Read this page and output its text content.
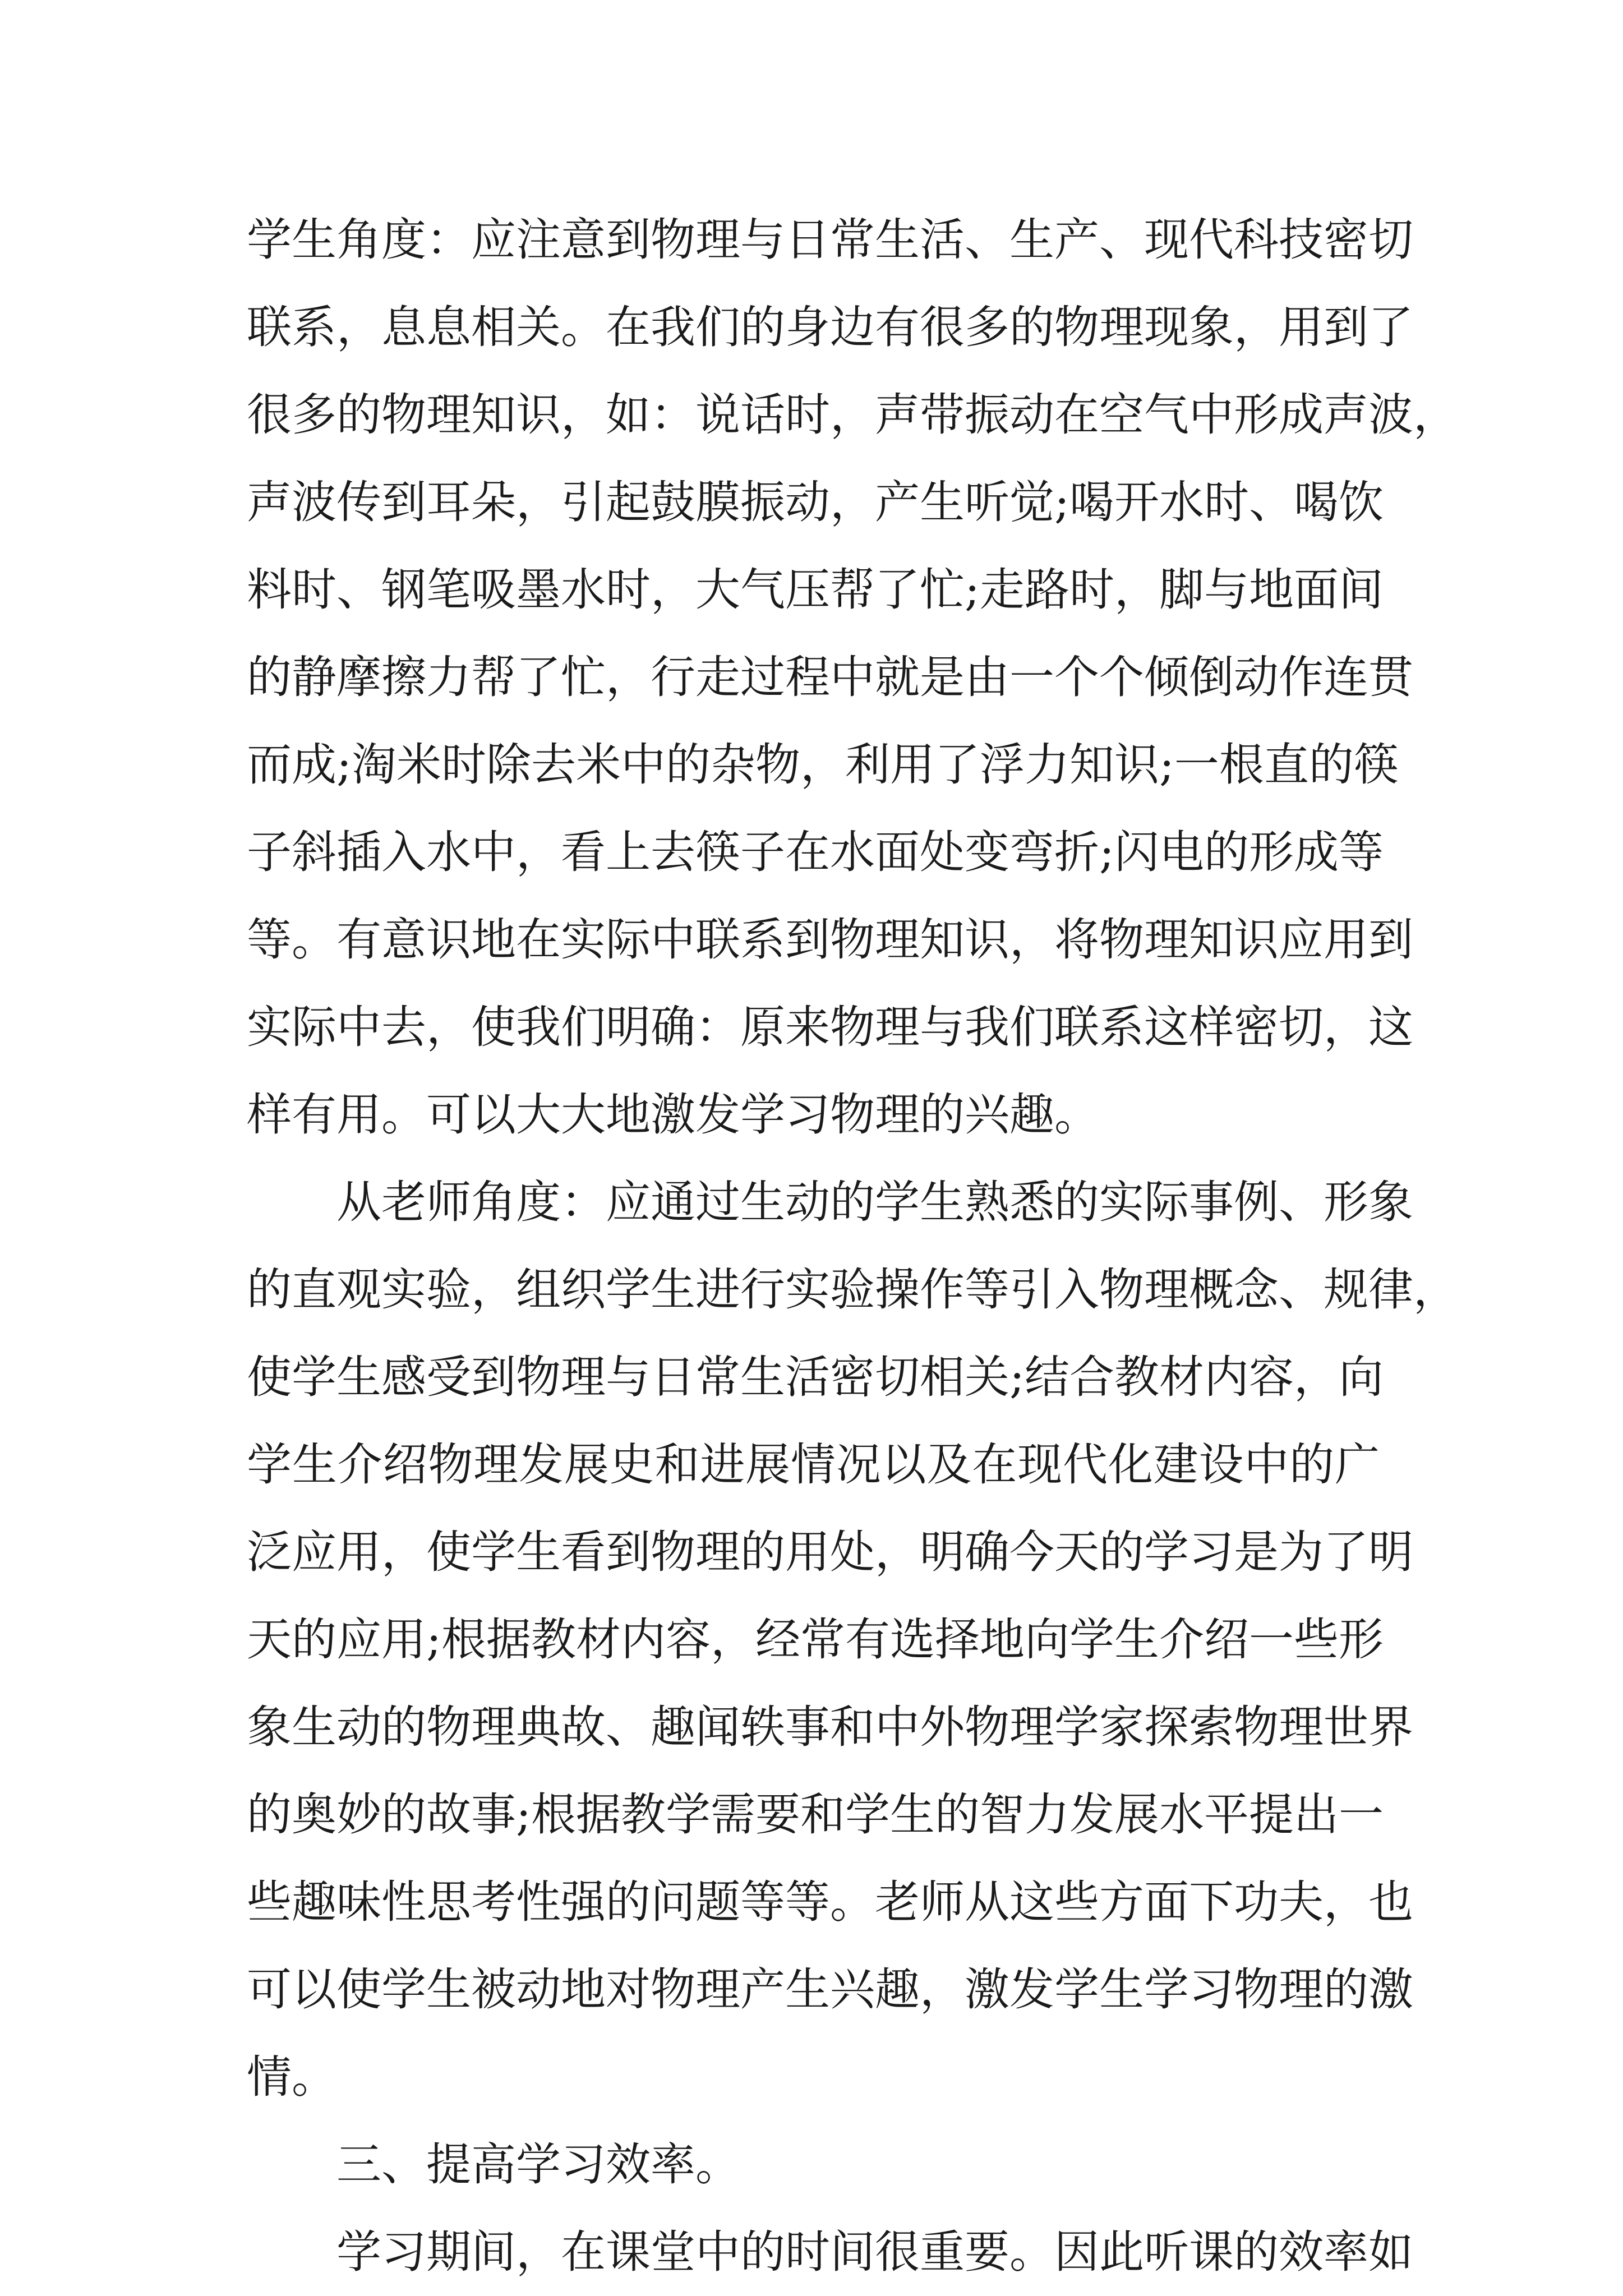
学生角度：应注意到物理与日常生活、生产、现代科技密切
联系，息息相关。在我们的身边有很多的物理现象，用到了
很多的物理知识，如：说话时，声带振动在空气中形成声波，
声波传到耳朵，引起鼓膜振动，产生听觉;喝开水时、喝饮
料时、钢笔吸墨水时，大气压帮了忙;走路时，脚与地面间
的静摩擦力帮了忙，行走过程中就是由一个个倾倒动作连贯
而成;淘米时除去米中的杂物，利用了浮力知识;一根直的筷
子斜插入水中，看上去筷子在水面处变弯折;闪电的形成等
等。有意识地在实际中联系到物理知识，将物理知识应用到
实际中去，使我们明确：原来物理与我们联系这样密切，这
样有用。可以大大地激发学习物理的兴趣。
从老师角度：应通过生动的学生熟悉的实际事例、形象
的直观实验，组织学生进行实验操作等引入物理概念、规律，
使学生感受到物理与日常生活密切相关;结合教材内容，向
学生介绍物理发展史和进展情况以及在现代化建设中的广
泛应用，使学生看到物理的用处，明确今天的学习是为了明
天的应用;根据教材内容，经常有选择地向学生介绍一些形
象生动的物理典故、趣闻轶事和中外物理学家探索物理世界
的奥妙的故事;根据教学需要和学生的智力发展水平提出一
些趣味性思考性强的问题等等。老师从这些方面下功夫，也
可以使学生被动地对物理产生兴趣，激发学生学习物理的激
情。
三、提高学习效率。
学习期间，在课堂中的时间很重要。因此听课的效率如
